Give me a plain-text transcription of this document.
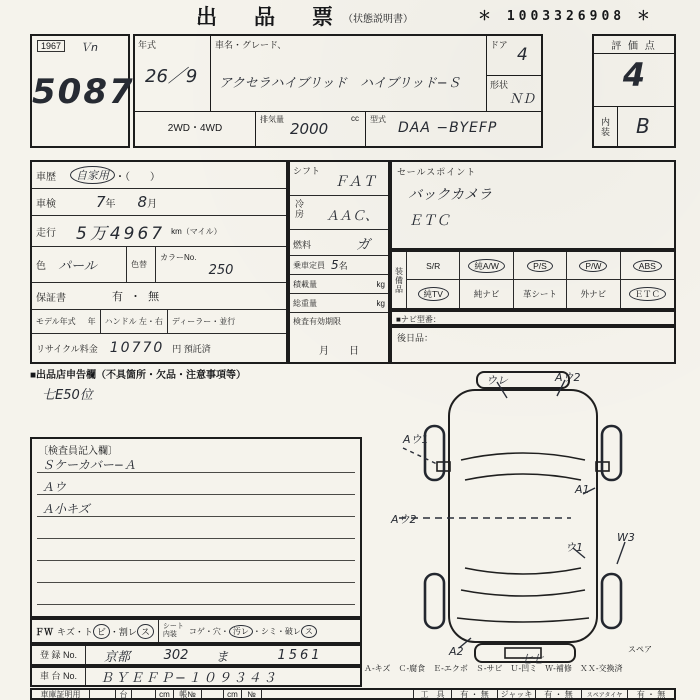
出　品　票 （状態説明書）	＊ 1003326908 ＊
1967	Ｖn
5087
年式
26／9
車名・グレード、
アクセラハイブリッド　ハイブリッド−Ｓ
ドア 4
形状
ＮＤ
2WD・4WD
排気量
2000
cc 型式
DAA −BYEFP
評 価 点
4
内装 B
車歴	自家用 ・（　　）
車検	7 年 8 月
走行	5万4967 km（マイル）
色 パール	色替
カラーNo.
250
保証書	有 ・ 無
モデル年式 年 ハンドル 左・右 ディーラー・並行
リサイクル料金 10770 円 預託済
シフト
ＦＡＴ
冷房 ＡＡＣ、
燃料	ガ
乗車定員 5 名
積載量	kg
総重量	kg
検査有効期限
月　　日
セールスポイント
バックカメラ
ＥＴＣ
装備品
S/R	純A/W	P/S	P/W	ABS
純TV	純ナビ	革シート	外ナビ	ＥＴＣ
■ナビ型番：
後日品：
■出品店申告欄（不具箇所・欠品・注意事項等）
七E50位
〔検査員記入欄〕
Ｓケーカバー−Ａ
Ａウ
Ａ小キズ
ウレ	Aウ2
Aウ1
A1
Aウ2
ウ1
W3
A2
七七
スペア
ＦＷ キズ・ト ビ ・割レ ス	シート内装	コゲ・穴・ 汚レ ・シミ・破レ ス
登 録 No.	京都	302	ま	1561
車 台 No.	ＢＹＥＦＰ−１０９３４３
Ａ-キズ　Ｃ-腐食　Ｅ-エクボ　Ｓ-サビ　Ｕ-凹ミ　Ｗ-補修　ＸＸ-交換済
車庫証明用	台	cm	帳№	cm	№	工　具	有 ・ 無	ジャッキ	有 ・ 無	スペアタイヤ	有 ・ 無
